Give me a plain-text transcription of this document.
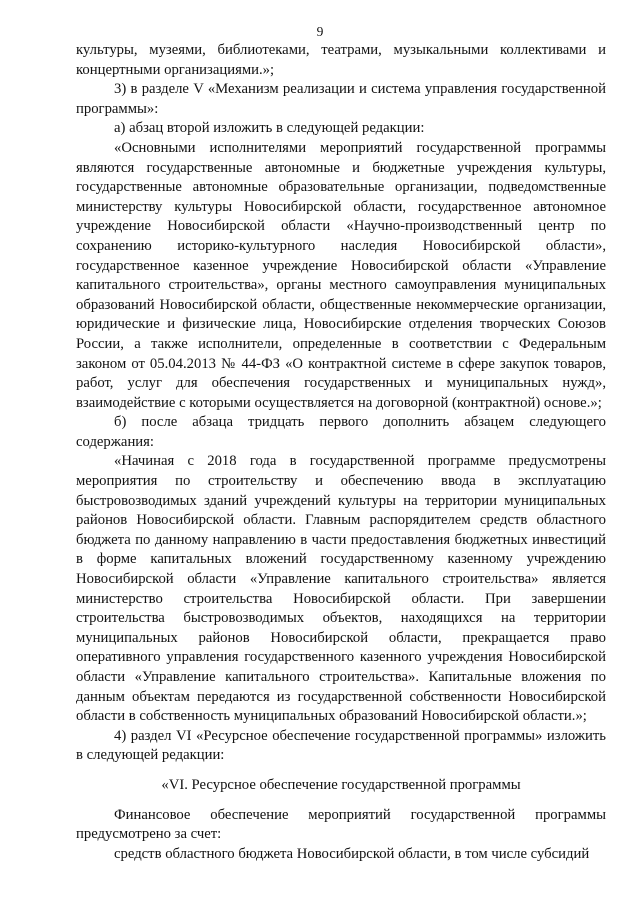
9

культуры, музеями, библиотеками, театрами, музыкальными коллективами и концертными организациями.»;

3) в разделе V «Механизм реализации и система управления государственной программы»:

а) абзац второй изложить в следующей редакции:

«Основными исполнителями мероприятий государственной программы являются государственные автономные и бюджетные учреждения культуры, государственные автономные образовательные организации, подведомственные министерству культуры Новосибирской области, государственное автономное учреждение Новосибирской области «Научно-производственный центр по сохранению историко-культурного наследия Новосибирской области», государственное казенное учреждение Новосибирской области «Управление капитального строительства», органы местного самоуправления муниципальных образований Новосибирской области, общественные некоммерческие организации, юридические и физические лица, Новосибирские отделения творческих Союзов России, а также исполнители, определенные в соответствии с Федеральным законом от 05.04.2013 № 44-ФЗ «О контрактной системе в сфере закупок товаров, работ, услуг для обеспечения государственных и муниципальных нужд», взаимодействие с которыми осуществляется на договорной (контрактной) основе.»;

б) после абзаца тридцать первого дополнить абзацем следующего содержания:

«Начиная с 2018 года в государственной программе предусмотрены мероприятия по строительству и обеспечению ввода в эксплуатацию быстровозводимых зданий учреждений культуры на территории муниципальных районов Новосибирской области. Главным распорядителем средств областного бюджета по данному направлению в части предоставления бюджетных инвестиций в форме капитальных вложений государственному казенному учреждению Новосибирской области «Управление капитального строительства» является министерство строительства Новосибирской области. При завершении строительства быстровозводимых объектов, находящихся на территории муниципальных районов Новосибирской области, прекращается право оперативного управления государственного казенного учреждения Новосибирской области «Управление капитального строительства». Капитальные вложения по данным объектам передаются из государственной собственности Новосибирской области в собственность муниципальных образований Новосибирской области.»;

4) раздел VI «Ресурсное обеспечение государственной программы» изложить в следующей редакции:

«VI. Ресурсное обеспечение государственной программы

Финансовое обеспечение мероприятий государственной программы предусмотрено за счет:

средств областного бюджета Новосибирской области, в том числе субсидий
